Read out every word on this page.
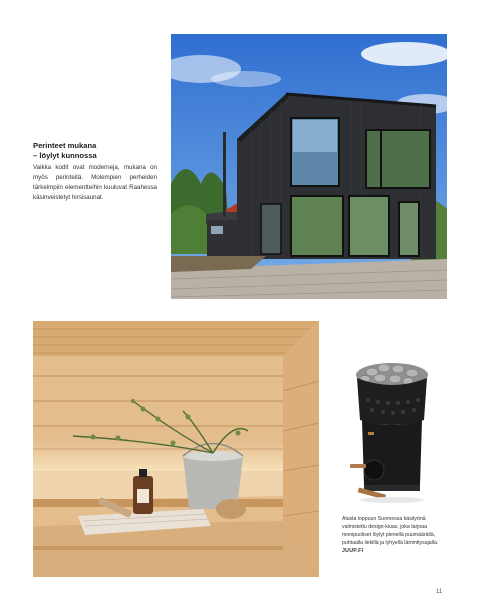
Perinteet mukana
– löylyt kunnossa

Vaikka kodit ovat moderneja, mukana on myös perinteitä. Molempien perheiden tärkeimpiin elementteihin kuuluvat Raahessa käsinveistetyt hirsisaunat.

Alusta loppuun Suomessa käsityönä valmistettu design-kiuas, joka tarjoaa monipuoliset löylyt pienellä puumäärällä, puhtaalla liekillä ja lyhyellä lämmitysajalla.
JUUP.FI
11
